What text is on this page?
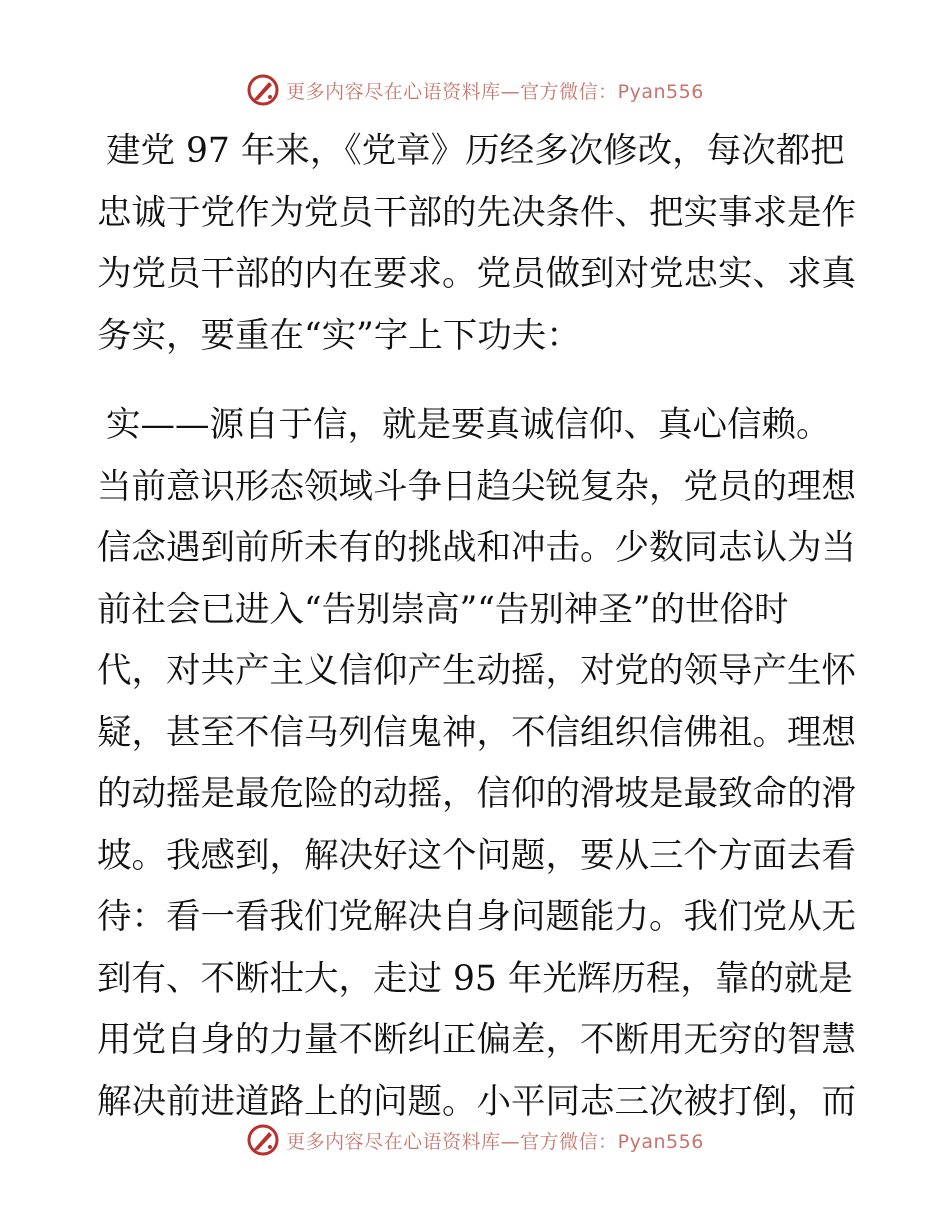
更多内容尽在心语资料库—官方微信：Pyan556
建党 97 年来，《党章》历经多次修改，每次都把
忠诚于党作为党员干部的先决条件、把实事求是作
为党员干部的内在要求。党员做到对党忠实、求真
务实，要重在“实”字上下功夫：
实——源自于信，就是要真诚信仰、真心信赖。
当前意识形态领域斗争日趋尖锐复杂，党员的理想
信念遇到前所未有的挑战和冲击。少数同志认为当
前社会已进入“告别崇高”“告别神圣”的世俗时
代，对共产主义信仰产生动摇，对党的领导产生怀
疑，甚至不信马列信鬼神，不信组织信佛祖。理想
的动摇是最危险的动摇，信仰的滑坡是最致命的滑
坡。我感到，解决好这个问题，要从三个方面去看
待：看一看我们党解决自身问题能力。我们党从无
到有、不断壮大，走过 95 年光辉历程，靠的就是
用党自身的力量不断纠正偏差，不断用无穷的智慧
解决前进道路上的问题。小平同志三次被打倒，而
更多内容尽在心语资料库—官方微信：Pyan556
